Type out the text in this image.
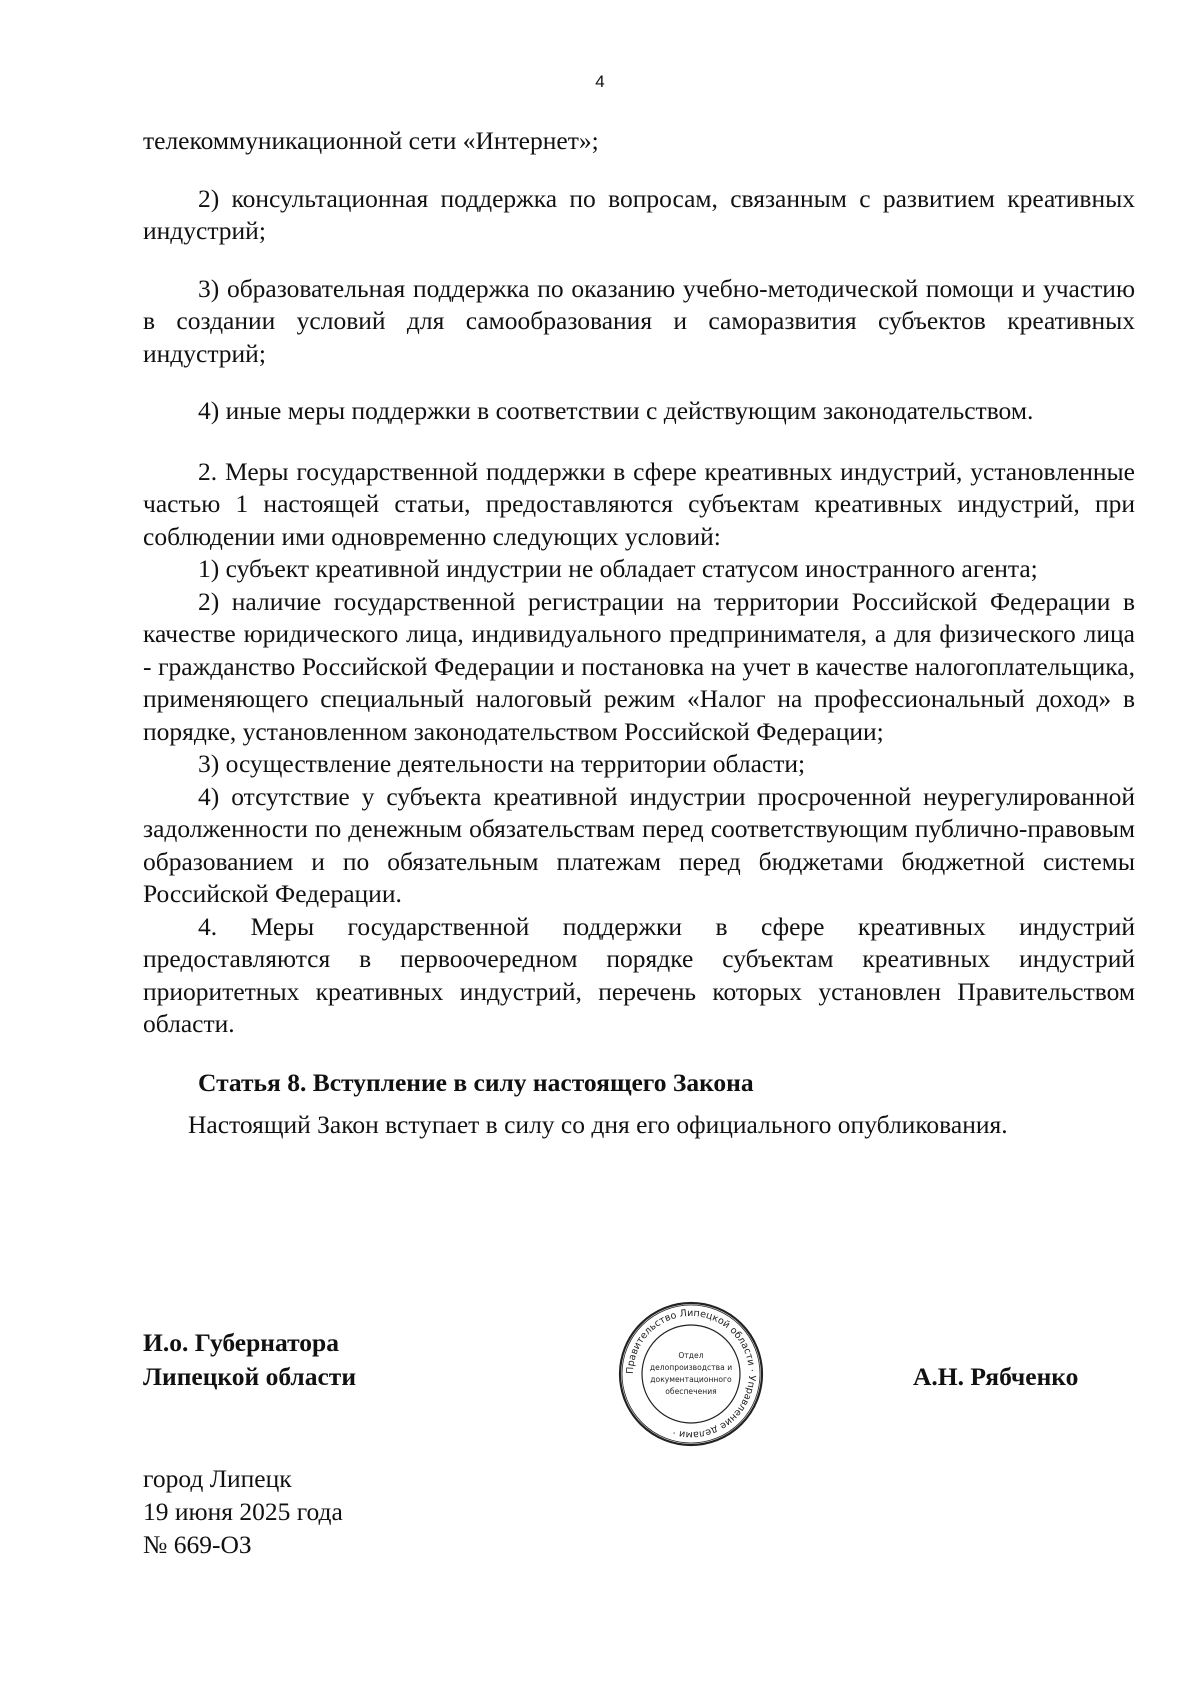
4

телекоммуникационной сети «Интернет»;

2) консультационная поддержка по вопросам, связанным с развитием креативных индустрий;

3) образовательная поддержка по оказанию учебно-методической помощи и участию в создании условий для самообразования и саморазвития субъектов креативных индустрий;

4) иные меры поддержки в соответствии с действующим законодательством.

2. Меры государственной поддержки в сфере креативных индустрий, установленные частью 1 настоящей статьи, предоставляются субъектам креативных индустрий, при соблюдении ими одновременно следующих условий:

1) субъект креативной индустрии не обладает статусом иностранного агента;

2) наличие государственной регистрации на территории Российской Федерации в качестве юридического лица, индивидуального предпринимателя, а для физического лица - гражданство Российской Федерации и постановка на учет в качестве налогоплательщика, применяющего специальный налоговый режим «Налог на профессиональный доход» в порядке, установленном законодательством Российской Федерации;

3) осуществление деятельности на территории области;

4) отсутствие у субъекта креативной индустрии просроченной неурегулированной задолженности по денежным обязательствам перед соответствующим публично-правовым образованием и по обязательным платежам перед бюджетами бюджетной системы Российской Федерации.

4. Меры государственной поддержки в сфере креативных индустрий предоставляются в первоочередном порядке субъектам креативных индустрий приоритетных креативных индустрий, перечень которых установлен Правительством области.

Статья 8. Вступление в силу настоящего Закона
Настоящий Закон вступает в силу со дня его официального опубликования.
И.о. Губернатора
Липецкой области	Правительство Липецкой области · Управление делами ·
Отдел
делопроизводства и
документационного
обеспечения
А.Н. Рябченко
город Липецк
19 июня 2025 года
№ 669-ОЗ
